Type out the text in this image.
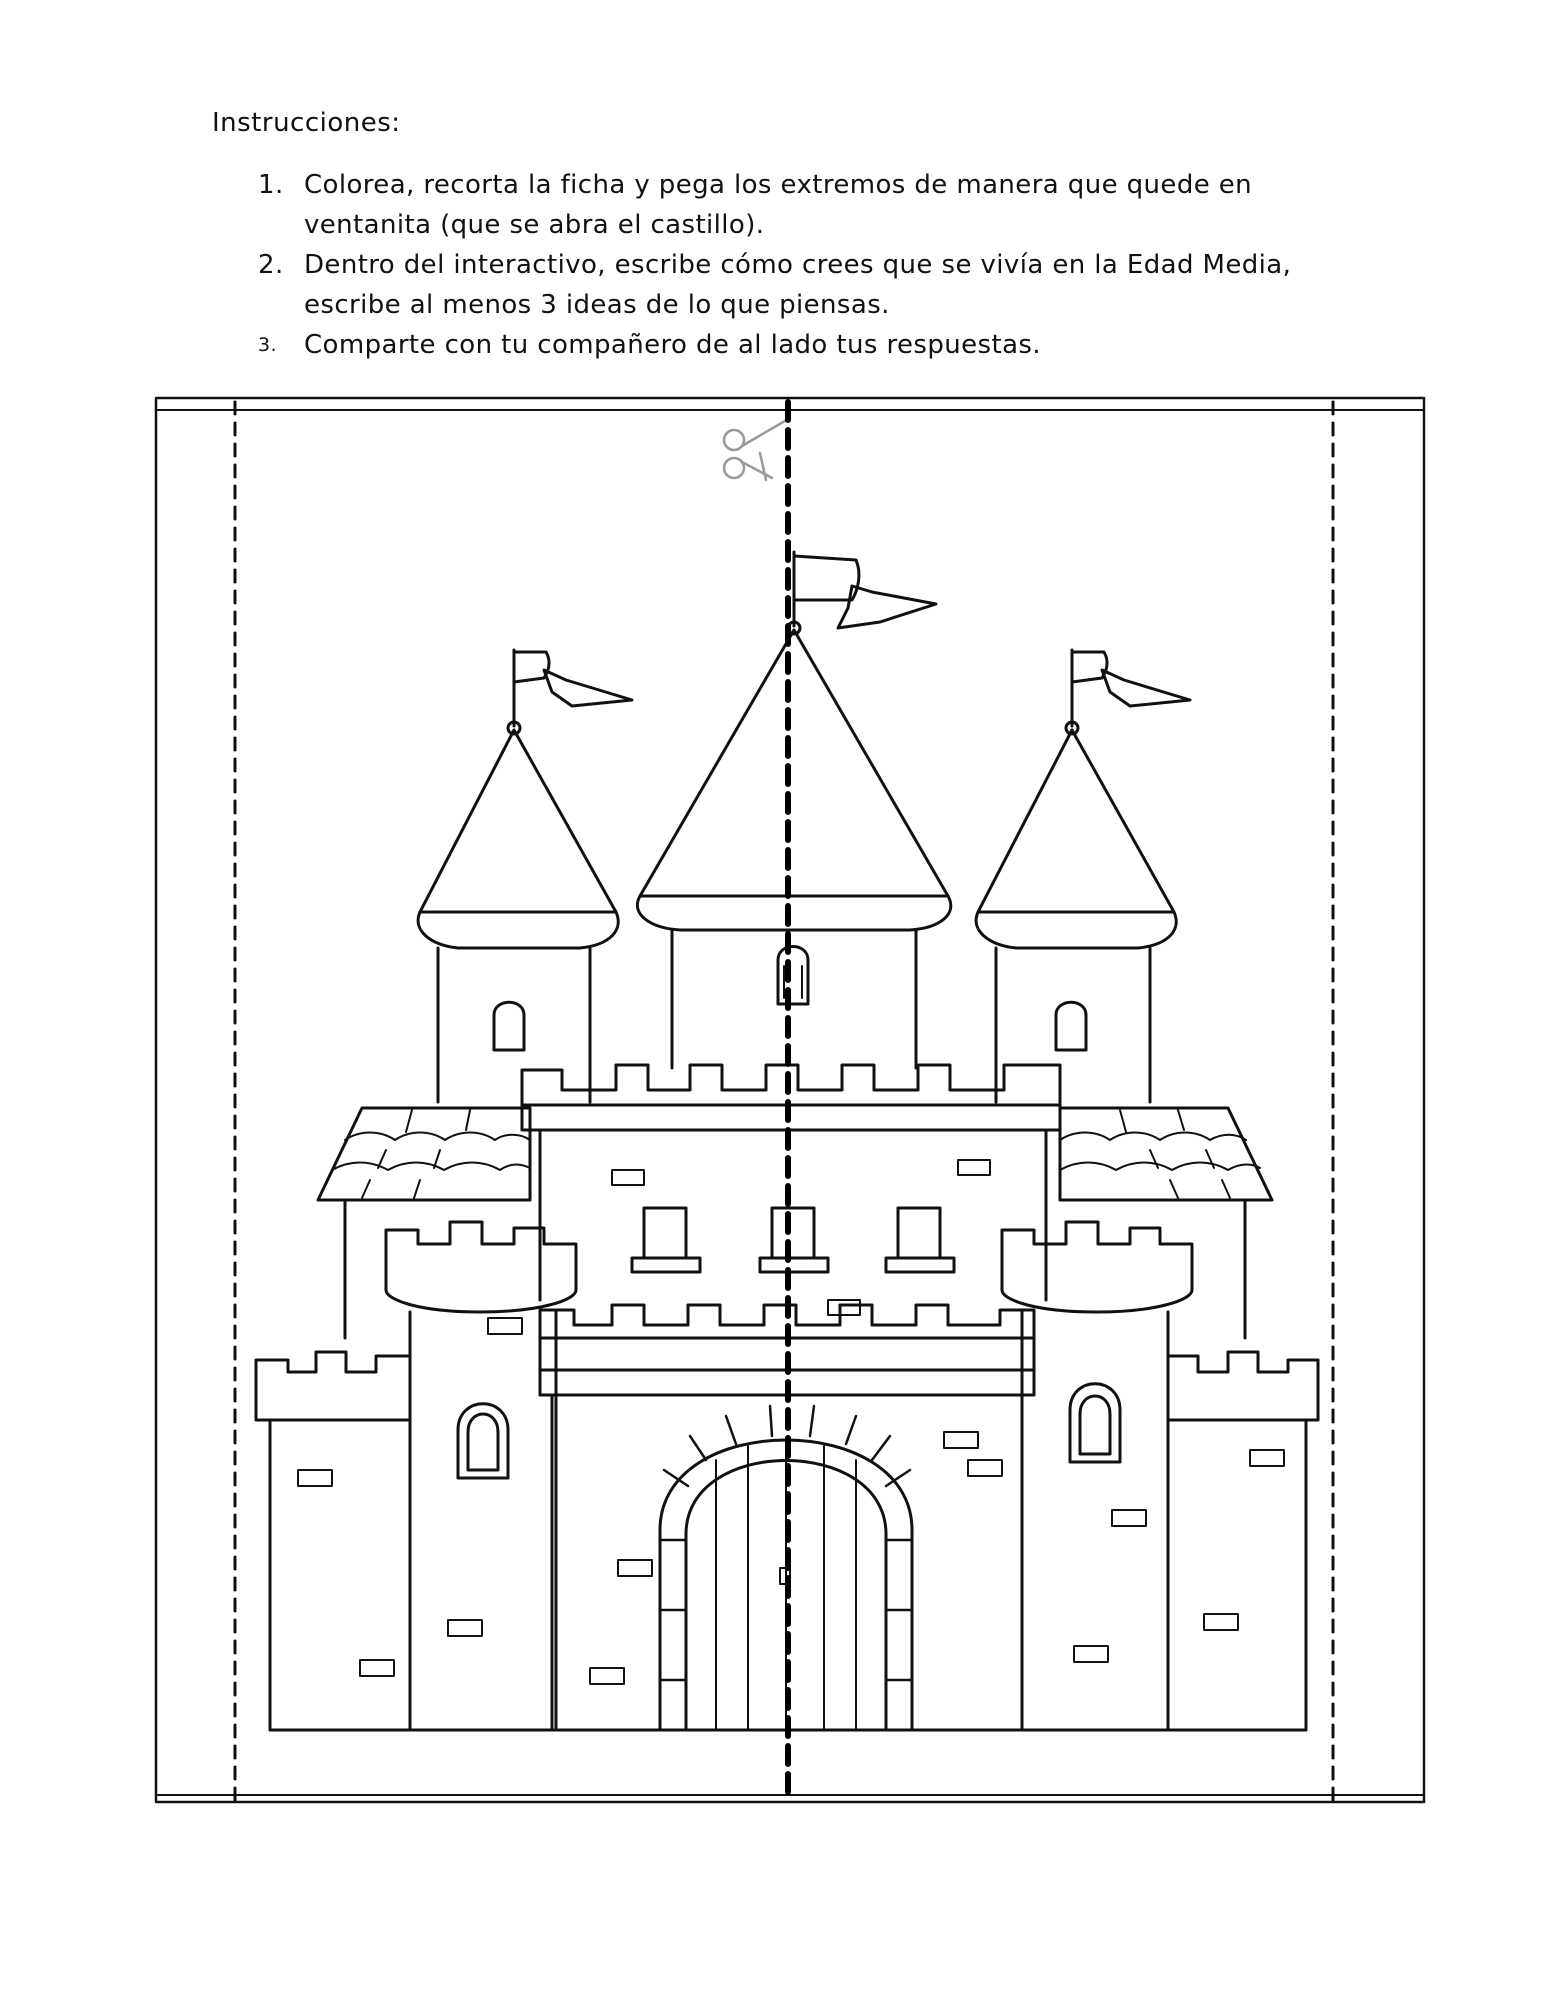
Instrucciones:
1. Colorea, recorta la ficha y pega los extremos de manera que quede en ventanita (que se abra el castillo).
2. Dentro del interactivo, escribe cómo crees que se vivía en la Edad Media, escribe al menos 3 ideas de lo que piensas.
3. Comparte con tu compañero de al lado tus respuestas.
